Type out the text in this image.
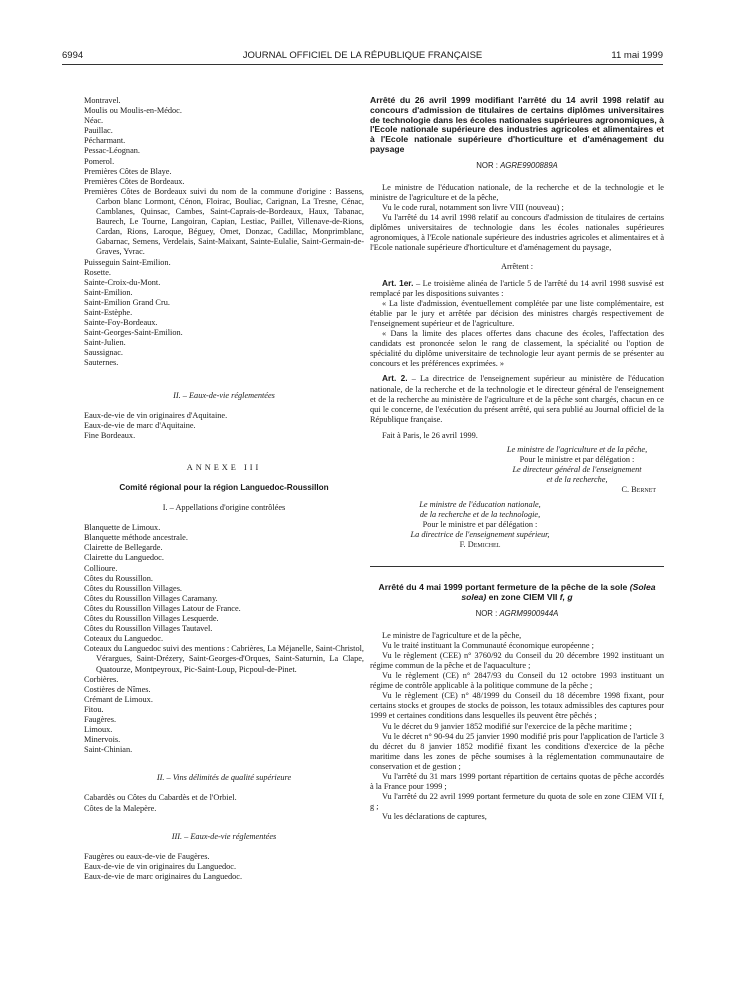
6994	JOURNAL OFFICIEL DE LA RÉPUBLIQUE FRANÇAISE	11 mai 1999

Montravel.

Moulis ou Moulis-en-Médoc.

Néac.

Pauillac.

Pécharmant.

Pessac-Léognan.

Pomerol.

Premières Côtes de Blaye.

Premières Côtes de Bordeaux.

Premières Côtes de Bordeaux suivi du nom de la commune d'origine : Bassens, Carbon blanc Lormont, Cénon, Floirac, Bouliac, Carignan, La Tresne, Cénac, Camblanes, Quinsac, Cambes, Saint-Caprais-de-Bordeaux, Haux, Tabanac, Baurech, Le Tourne, Langoiran, Capian, Lestiac, Paillet, Villenave-de-Rions, Cardan, Rions, Laroque, Béguey, Omet, Donzac, Cadillac, Monprimblanc, Gabarnac, Semens, Verdelais, Saint-Maixant, Sainte-Eulalie, Saint-Germain-de-Graves, Yvrac.

Puisseguin Saint-Emilion.

Rosette.

Sainte-Croix-du-Mont.

Saint-Emilion.

Saint-Emilion Grand Cru.

Saint-Estèphe.

Sainte-Foy-Bordeaux.

Saint-Georges-Saint-Emilion.

Saint-Julien.

Saussignac.

Sauternes.

II. – Eaux-de-vie réglementées

Eaux-de-vie de vin originaires d'Aquitaine.

Eaux-de-vie de marc d'Aquitaine.

Fine Bordeaux.

ANNEXE III

Comité régional pour la région Languedoc-Roussillon

I. – Appellations d'origine contrôlées

Blanquette de Limoux.

Blanquette méthode ancestrale.

Clairette de Bellegarde.

Clairette du Languedoc.

Collioure.

Côtes du Roussillon.

Côtes du Roussillon Villages.

Côtes du Roussillon Villages Caramany.

Côtes du Roussillon Villages Latour de France.

Côtes du Roussillon Villages Lesquerde.

Côtes du Roussillon Villages Tautavel.

Coteaux du Languedoc.

Coteaux du Languedoc suivi des mentions : Cabrières, La Méjanelle, Saint-Christol, Vérargues, Saint-Drézery, Saint-Georges-d'Orques, Saint-Saturnin, La Clape, Quatourze, Montpeyroux, Pic-Saint-Loup, Picpoul-de-Pinet.

Corbières.

Costières de Nîmes.

Crémant de Limoux.

Fitou.

Faugères.

Limoux.

Minervois.

Saint-Chinian.

II. – Vins délimités de qualité supérieure

Cabardès ou Côtes du Cabardès et de l'Orbiel.

Côtes de la Malepère.

III. – Eaux-de-vie réglementées

Faugères ou eaux-de-vie de Faugères.

Eaux-de-vie de vin originaires du Languedoc.

Eaux-de-vie de marc originaires du Languedoc.

Arrêté du 26 avril 1999 modifiant l'arrêté du 14 avril 1998 relatif au concours d'admission de titulaires de certains diplômes universitaires de technologie dans les écoles nationales supérieures agronomiques, à l'Ecole nationale supérieure des industries agricoles et alimentaires et à l'Ecole nationale supérieure d'horticulture et d'aménagement du paysage

NOR : AGRE9900889A

Le ministre de l'éducation nationale, de la recherche et de la technologie et le ministre de l'agriculture et de la pêche,

Vu le code rural, notamment son livre VIII (nouveau) ;

Vu l'arrêté du 14 avril 1998 relatif au concours d'admission de titulaires de certains diplômes universitaires de technologie dans les écoles nationales supérieures agronomiques, à l'Ecole nationale supérieure des industries agricoles et alimentaires et à l'Ecole nationale supérieure d'horticulture et d'aménagement du paysage,

Arrêtent :

Art. 1er. – Le troisième alinéa de l'article 5 de l'arrêté du 14 avril 1998 susvisé est remplacé par les dispositions suivantes :

« La liste d'admission, éventuellement complétée par une liste complémentaire, est établie par le jury et arrêtée par décision des ministres chargés respectivement de l'enseignement supérieur et de l'agriculture.

« Dans la limite des places offertes dans chacune des écoles, l'affectation des candidats est prononcée selon le rang de classement, la spécialité ou l'option de spécialité du diplôme universitaire de technologie leur ayant permis de se présenter au concours et les préférences exprimées. »

Art. 2. – La directrice de l'enseignement supérieur au ministère de l'éducation nationale, de la recherche et de la technologie et le directeur général de l'enseignement et de la recherche au ministère de l'agriculture et de la pêche sont chargés, chacun en ce qui le concerne, de l'exécution du présent arrêté, qui sera publié au Journal officiel de la République française.

Fait à Paris, le 26 avril 1999.

Le ministre de l'agriculture et de la pêche,

Pour le ministre et par délégation :

Le directeur général de l'enseignement

et de la recherche,

C. Bernet

Le ministre de l'éducation nationale,

de la recherche et de la technologie,

Pour le ministre et par délégation :

La directrice de l'enseignement supérieur,

F. Demichel

Arrêté du 4 mai 1999 portant fermeture de la pêche de la sole (Solea solea) en zone CIEM VII f, g

NOR : AGRM9900944A

Le ministre de l'agriculture et de la pêche,

Vu le traité instituant la Communauté économique européenne ;

Vu le règlement (CEE) n° 3760/92 du Conseil du 20 décembre 1992 instituant un régime commun de la pêche et de l'aquaculture ;

Vu le règlement (CE) n° 2847/93 du Conseil du 12 octobre 1993 instituant un régime de contrôle applicable à la politique commune de la pêche ;

Vu le règlement (CE) n° 48/1999 du Conseil du 18 décembre 1998 fixant, pour certains stocks et groupes de stocks de poisson, les totaux admissibles des captures pour 1999 et certaines conditions dans lesquelles ils peuvent être pêchés ;

Vu le décret du 9 janvier 1852 modifié sur l'exercice de la pêche maritime ;

Vu le décret n° 90-94 du 25 janvier 1990 modifié pris pour l'application de l'article 3 du décret du 8 janvier 1852 modifié fixant les conditions d'exercice de la pêche maritime dans les zones de pêche soumises à la réglementation communautaire de conservation et de gestion ;

Vu l'arrêté du 31 mars 1999 portant répartition de certains quotas de pêche accordés à la France pour 1999 ;

Vu l'arrêté du 22 avril 1999 portant fermeture du quota de sole en zone CIEM VII f, g ;

Vu les déclarations de captures,
